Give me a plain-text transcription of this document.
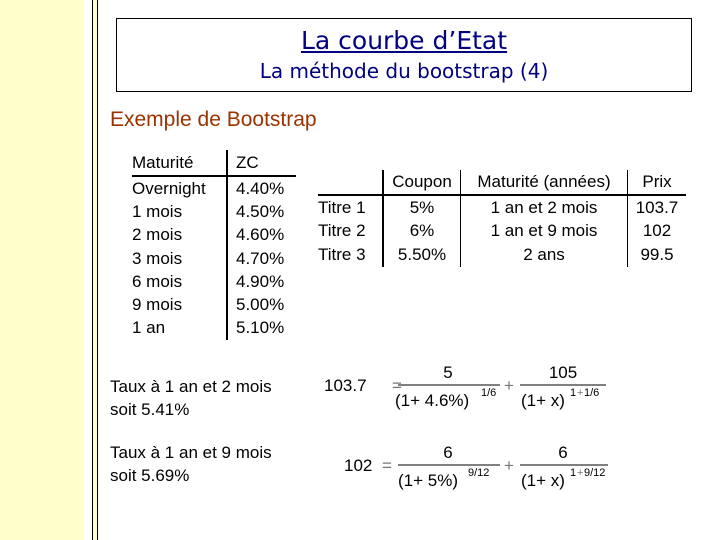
La courbe d’Etat
La méthode du bootstrap (4)
Exemple de Bootstrap
Maturité	ZC
Overnight	4.40%
1 mois	4.50%
2 mois	4.60%
3 mois	4.70%
6 mois	4.90%
9 mois	5.00%
1 an	5.10%
	Coupon	Maturité (années)	Prix
Titre 1	5%	1 an et 2 mois	103.7
Titre 2	6%	1 an et 9 mois	102
Titre 3	5.50%	2 ans	99.5
Taux à 1 an et 2 mois
soit 5.41%
Taux à 1 an et 9 mois
soit 5.69%
103.7 =
5
(1+ 4.6%) 1/6 +
105
(1+ x) 1 + 1/6
102 =
6
(1+ 5%) 9/12 +
6
(1+ x) 1 + 9/12
